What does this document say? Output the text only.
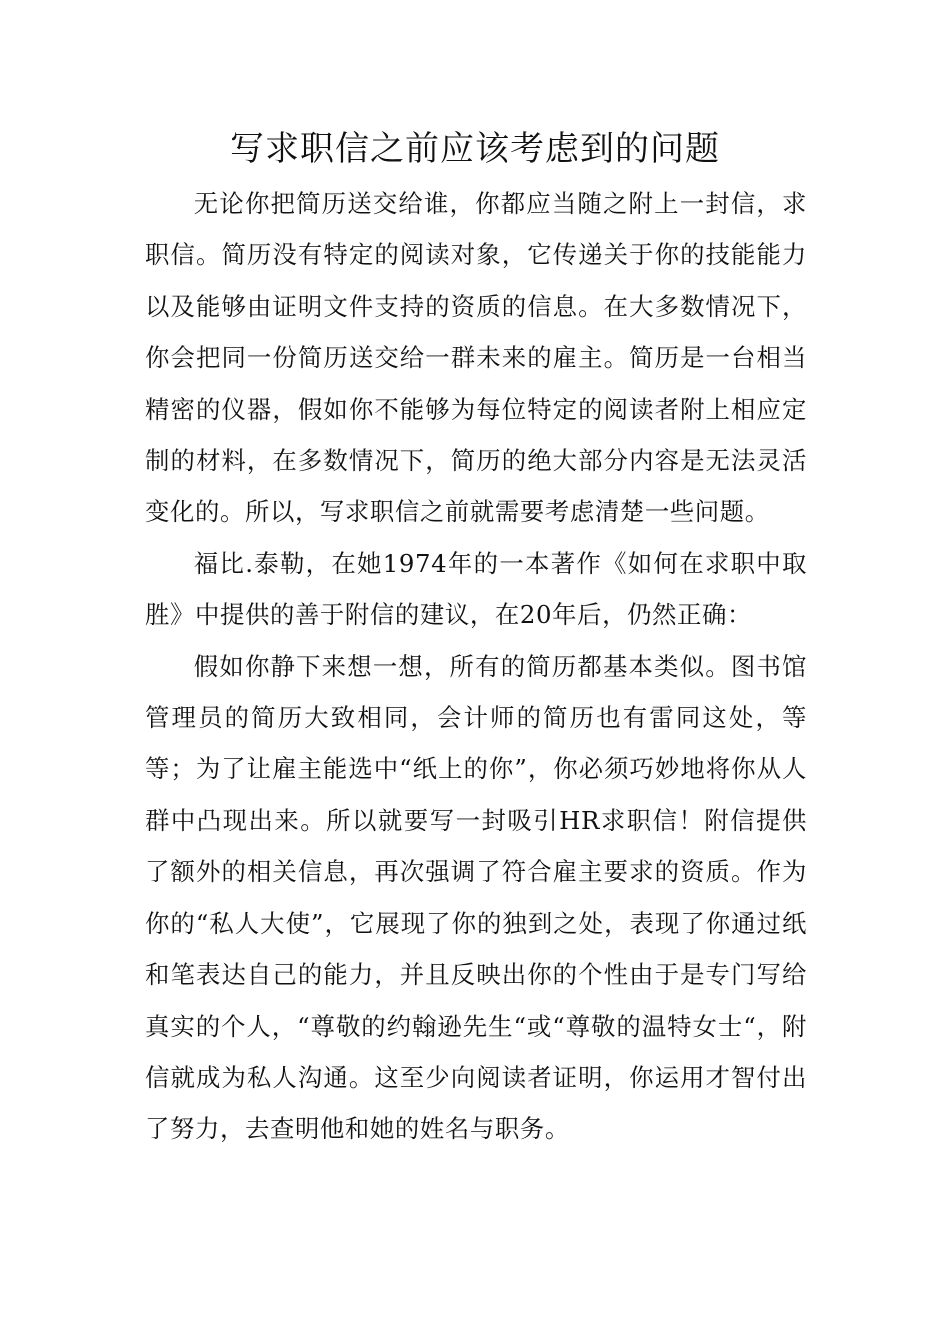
写求职信之前应该考虑到的问题

无论你把简历送交给谁，你都应当随之附上一封信，求职信。简历没有特定的阅读对象，它传递关于你的技能能力以及能够由证明文件支持的资质的信息。在大多数情况下，你会把同一份简历送交给一群未来的雇主。简历是一台相当精密的仪器，假如你不能够为每位特定的阅读者附上相应定制的材料，在多数情况下，简历的绝大部分内容是无法灵活变化的。所以，写求职信之前就需要考虑清楚一些问题。

福比.泰勒，在她1974年的一本著作《如何在求职中取胜》中提供的善于附信的建议，在20年后，仍然正确：

假如你静下来想一想，所有的简历都基本类似。图书馆管理员的简历大致相同，会计师的简历也有雷同这处，等等；为了让雇主能选中“纸上的你”，你必须巧妙地将你从人群中凸现出来。所以就要写一封吸引HR求职信！附信提供了额外的相关信息，再次强调了符合雇主要求的资质。作为你的“私人大使”，它展现了你的独到之处，表现了你通过纸和笔表达自己的能力，并且反映出你的个性由于是专门写给真实的个人，“尊敬的约翰逊先生“或“尊敬的温特女士“，附信就成为私人沟通。这至少向阅读者证明，你运用才智付出了努力，去查明他和她的姓名与职务。
